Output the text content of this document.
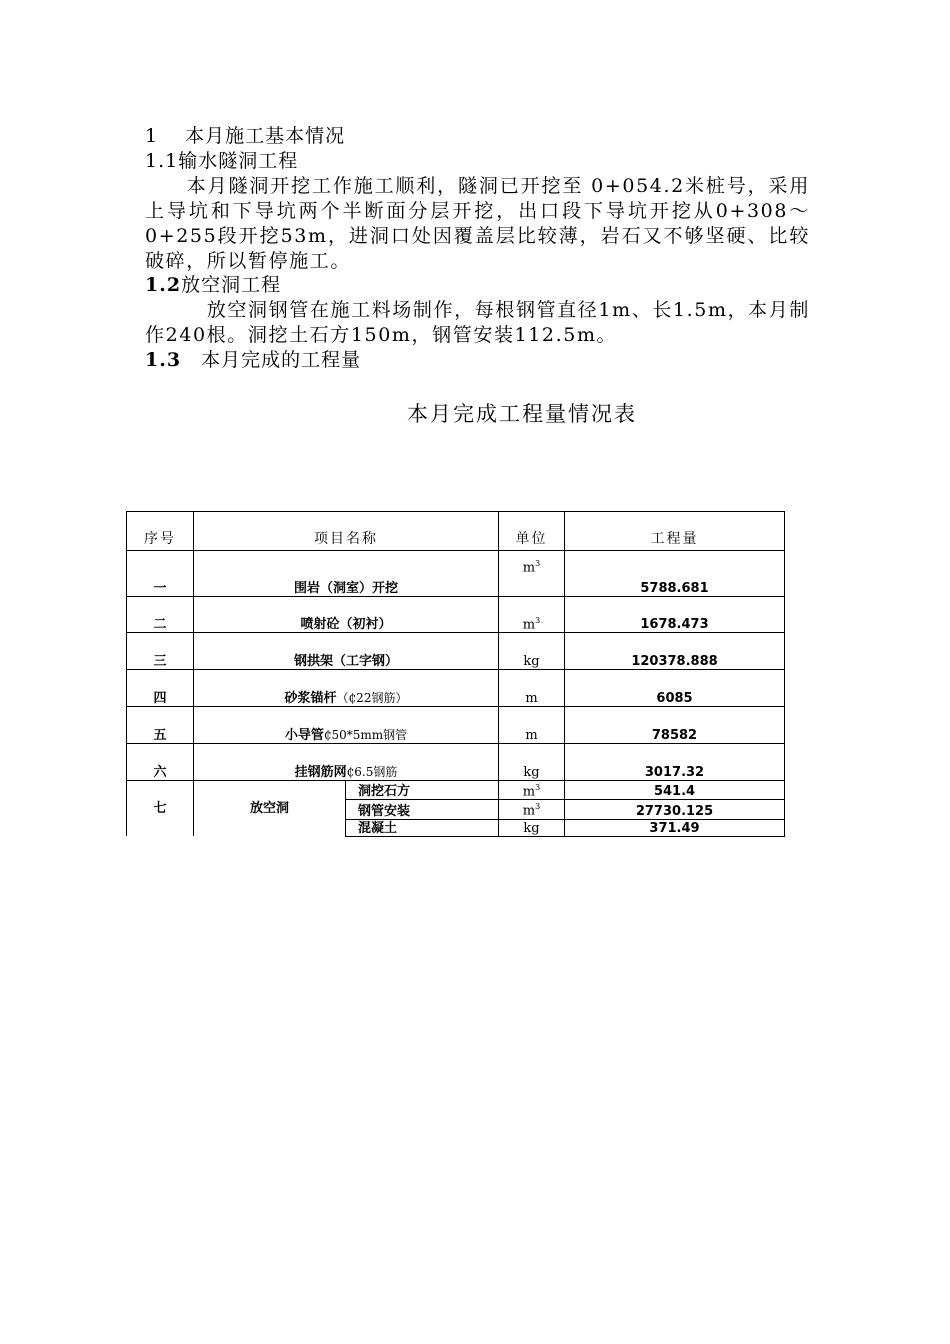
1　 本月施工基本情况
1.1输水隧洞工程
　　本月隧洞开挖工作施工顺利，隧洞已开挖至 0+054.2米桩号，采用上导坑和下导坑两个半断面分层开挖，出口段下导坑开挖从0+308～0+255段开挖53m，进洞口处因覆盖层比较薄，岩石又不够坚硬、比较破碎，所以暂停施工。
1.2放空洞工程
　　　放空洞钢管在施工料场制作，每根钢管直径1m、长1.5m，本月制作240根。洞挖土石方150m，钢管安装112.5m。
1.3　本月完成的工程量
本月完成工程量情况表
序号	项目名称		单位	工程量
一	围岩（洞室）开挖		$m^3$	5788.681
二	喷射砼（初衬）		$m^3$	1678.473
三	钢拱架（工字钢）		kg	120378.888
四	砂浆锚杆（₵22钢筋）		m	6085
五	小导管₵50*5mm钢管		m	78582
六	挂钢筋网₵6.5钢筋		kg	3017.32
七	放空洞	洞挖石方	$m^3$	541.4
		钢管安装	$m^3$	27730.125
		混凝土	kg	371.49
